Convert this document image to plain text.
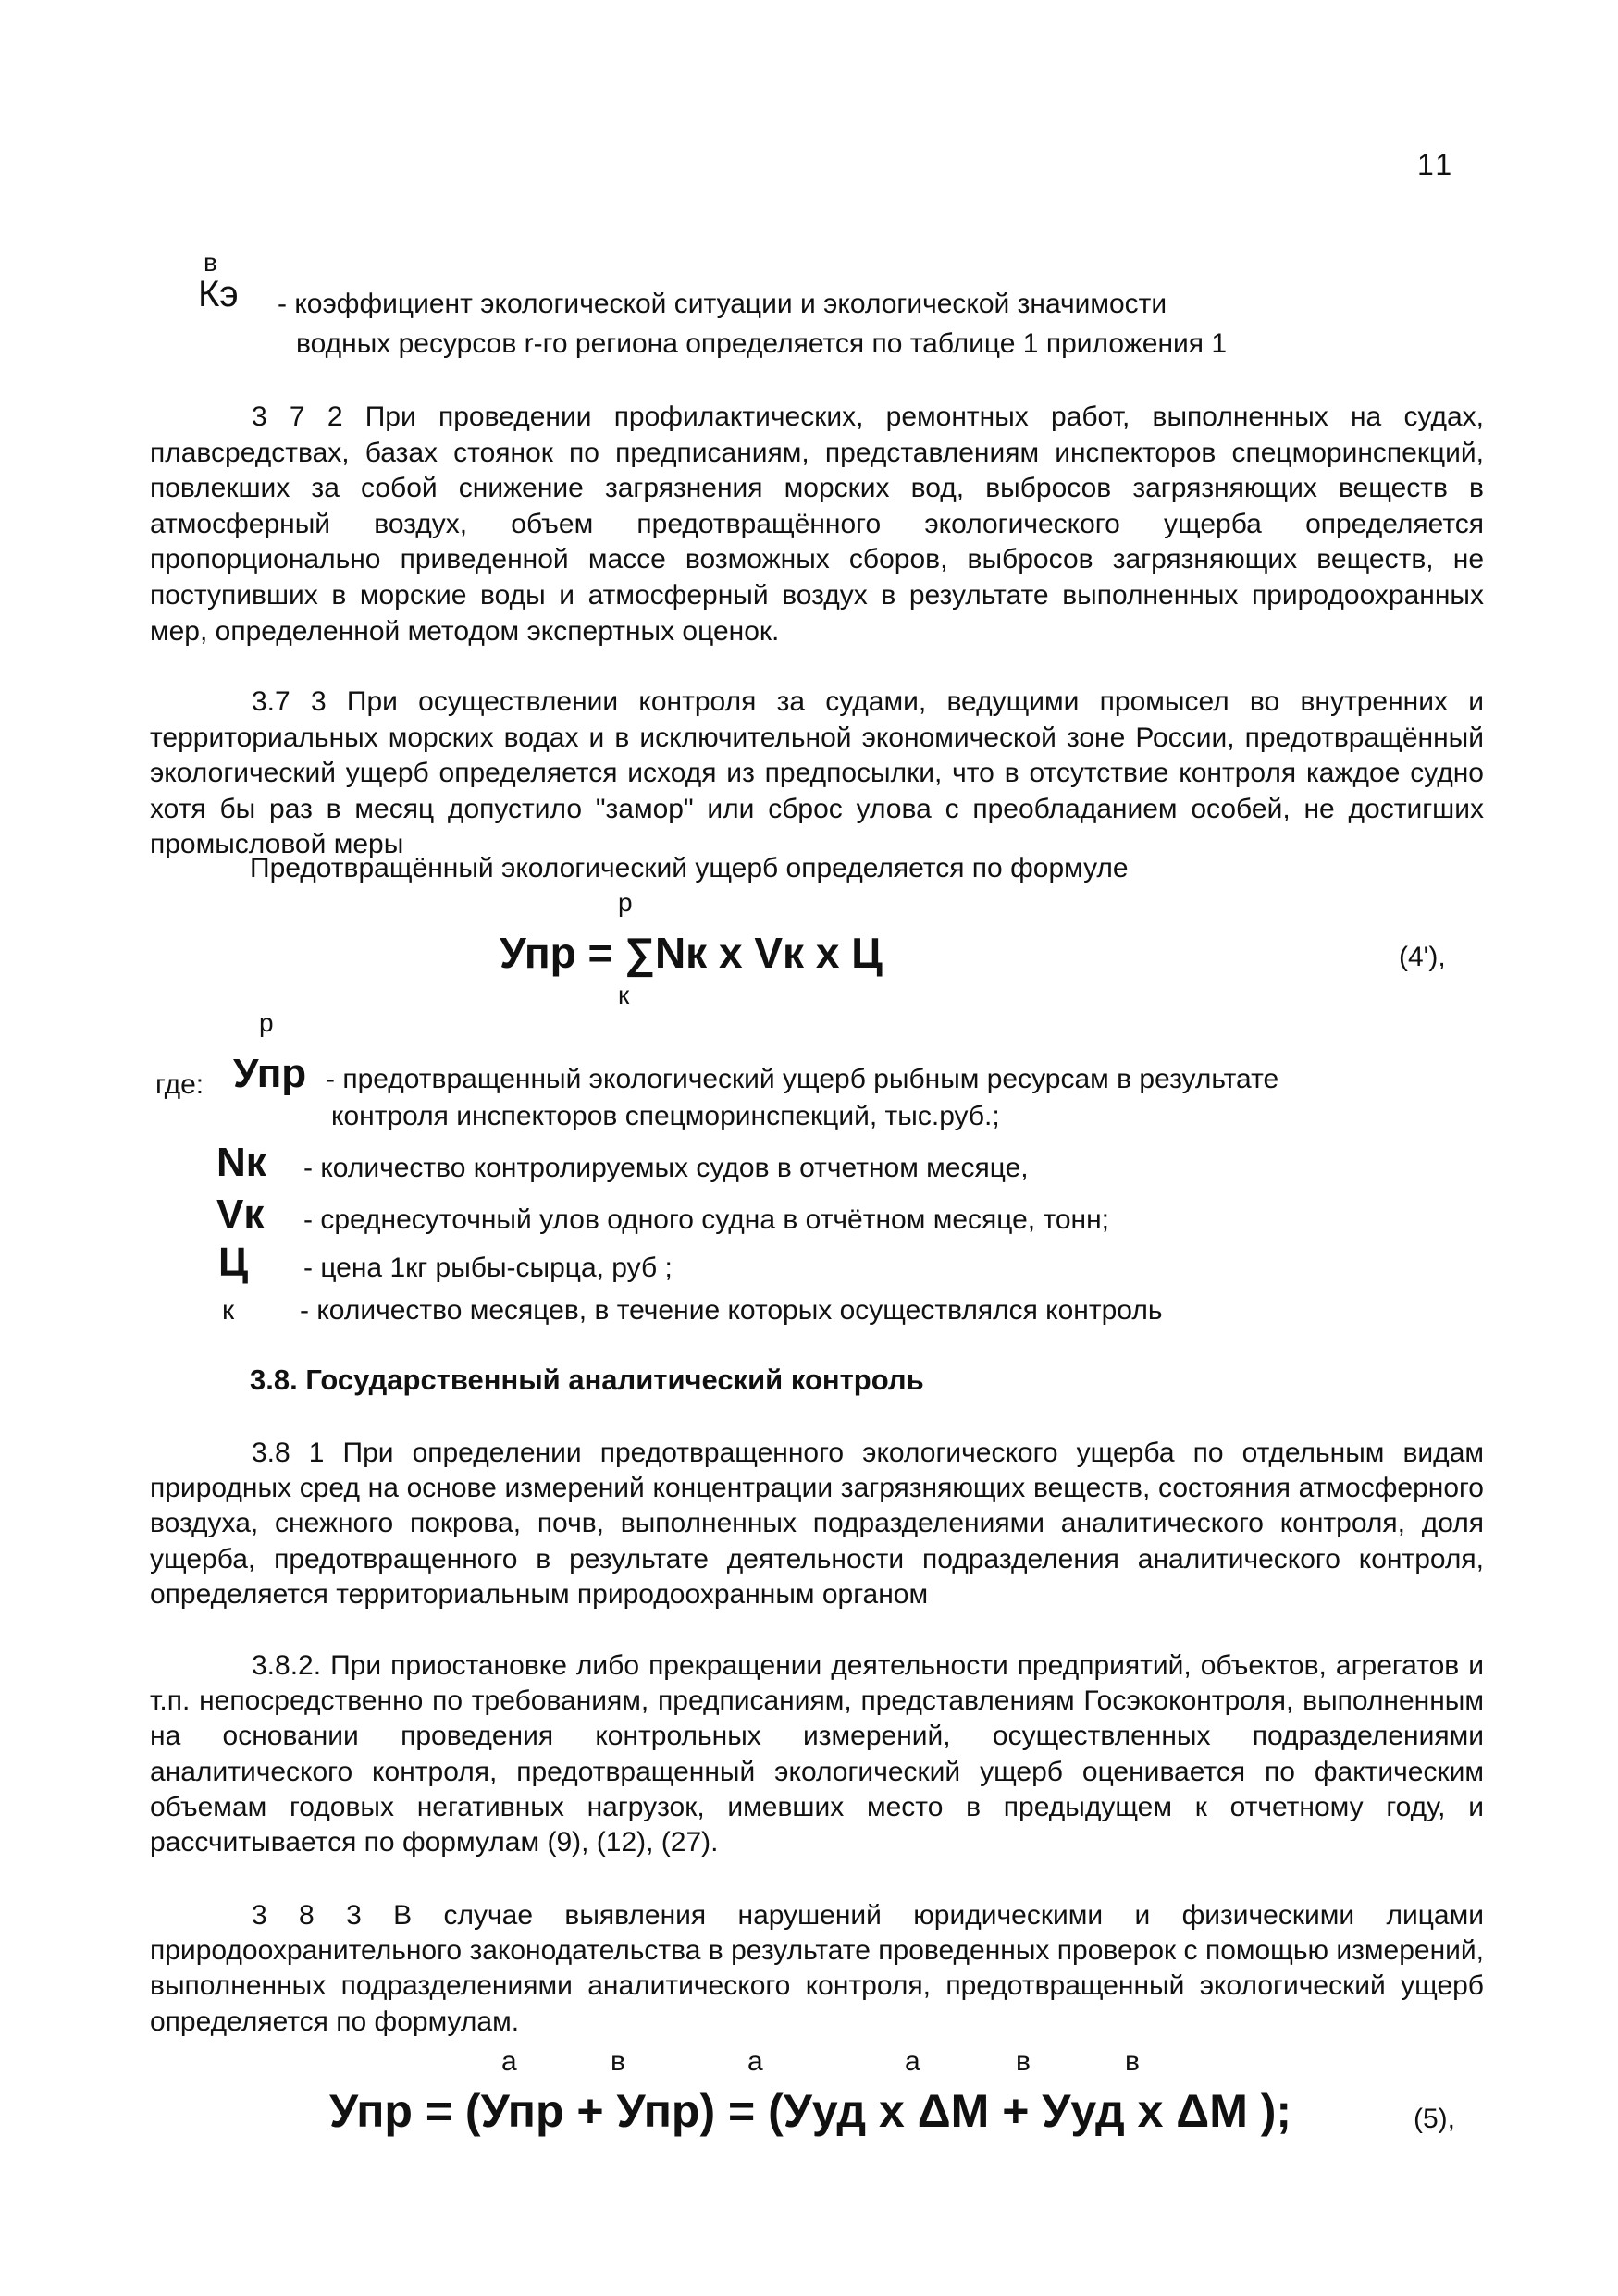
11
в
Кэ - коэффициент экологической ситуации и экологической значимости
водных ресурсов r-го региона определяется по таблице 1 приложения 1
3 7 2 При проведении профилактических, ремонтных работ, выполненных на судах, плавсредствах, базах стоянок по предписаниям, представлениям инспекторов спецморинспекций, повлекших за собой снижение загрязнения морских вод, выбросов загрязняющих веществ в атмосферный воздух, объем предотвращённого экологического ущерба определяется пропорционально приведенной массе возможных сборов, выбросов загрязняющих веществ, не поступивших в морские воды и атмосферный воздух в результате выполненных природоохранных мер, определенной методом экспертных оценок.
3.7 3 При осуществлении контроля за судами, ведущими промысел во внутренних и территориальных морских водах и в исключительной экономической зоне России, предотвращённый экологический ущерб определяется исходя из предпосылки, что в отсутствие контроля каждое судно хотя бы раз в месяц допустило "замор" или сброс улова с преобладанием особей, не достигших промысловой меры
Предотвращённый экологический ущерб определяется по формуле
р
Упр = ∑Nк х Vк х Ц
к
(4'),
р
где: Упр - предотвращенный экологический ущерб рыбным ресурсам в результате
контроля инспекторов спецморинспекций, тыс.руб.;
Nк - количество контролируемых судов в отчетном месяце,
Vк - среднесуточный улов одного судна в отчётном месяце, тонн;
Ц - цена 1кг рыбы-сырца, руб ;
к - количество месяцев, в течение которых осуществлялся контроль
3.8. Государственный аналитический контроль
3.8 1 При определении предотвращенного экологического ущерба по отдельным видам природных сред на основе измерений концентрации загрязняющих веществ, состояния атмосферного воздуха, снежного покрова, почв, выполненных подразделениями аналитического контроля, доля ущерба, предотвращенного в результате деятельности подразделения аналитического контроля, определяется территориальным природоохранным органом
3.8.2. При приостановке либо прекращении деятельности предприятий, объектов, агрегатов и т.п. непосредственно по требованиям, предписаниям, представлениям Госэкоконтроля, выполненным на основании проведения контрольных измерений, осуществленных подразделениями аналитического контроля, предотвращенный экологический ущерб оценивается по фактическим объемам годовых негативных нагрузок, имевших место в предыдущем к отчетному году, и рассчитывается по формулам (9), (12), (27).
3 8 3 В случае выявления нарушений юридическими и физическими лицами природоохранительного законодательства в результате проведенных проверок с помощью измерений, выполненных подразделениями аналитического контроля, предотвращенный экологический ущерб определяется по формулам.
а	в	а	а	в	в
Упр = (Упр + Упр) = (Ууд х ΔМ + Ууд х ΔМ );	(5),
